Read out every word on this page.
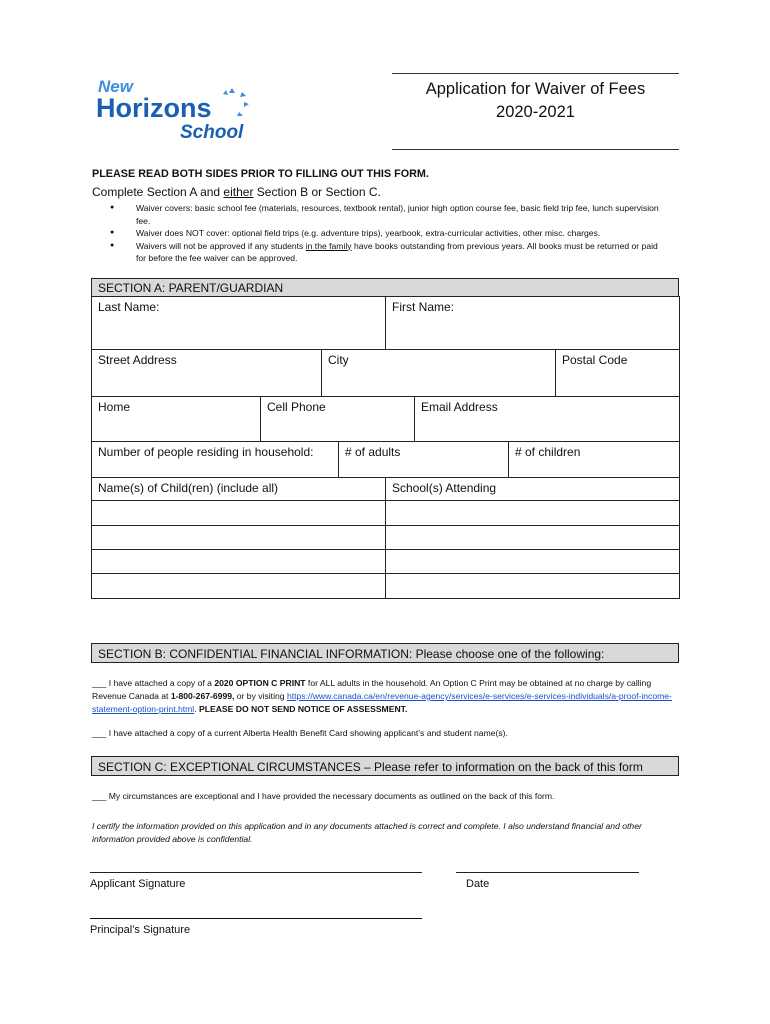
New
Horizons
School
Application for Waiver of Fees
2020-2021
PLEASE READ BOTH SIDES PRIOR TO FILLING OUT THIS FORM.
Complete Section A and either Section B or Section C.
● Waiver covers: basic school fee (materials, resources, textbook rental), junior high option course fee, basic field trip fee, lunch supervision fee.
● Waiver does NOT cover: optional field trips (e.g. adventure trips), yearbook, extra-curricular activities, other misc. charges.
● Waivers will not be approved if any students in the family have books outstanding from previous years. All books must be returned or paid for before the fee waiver can be approved.
SECTION A: PARENT/GUARDIAN
Last Name:	First Name:
Street Address	City	Postal Code
Home	Cell Phone	Email Address
Number of people residing in household:	# of adults	# of children
Name(s) of Child(ren) (include all)	School(s) Attending

SECTION B: CONFIDENTIAL FINANCIAL INFORMATION: Please choose one of the following:
___ I have attached a copy of a 2020 OPTION C PRINT for ALL adults in the household. An Option C Print may be obtained at no charge by calling Revenue Canada at 1-800-267-6999, or by visiting https://www.canada.ca/en/revenue-agency/services/e-services/e-services-individuals/a-proof-income-statement-option-print.html. PLEASE DO NOT SEND NOTICE OF ASSESSMENT.
___ I have attached a copy of a current Alberta Health Benefit Card showing applicant’s and student name(s).
SECTION C: EXCEPTIONAL CIRCUMSTANCES – Please refer to information on the back of this form
___ My circumstances are exceptional and I have provided the necessary documents as outlined on the back of this form.
I certify the information provided on this application and in any documents attached is correct and complete. I also understand financial and other information provided above is confidential.
Applicant Signature	Date
Principal’s Signature
